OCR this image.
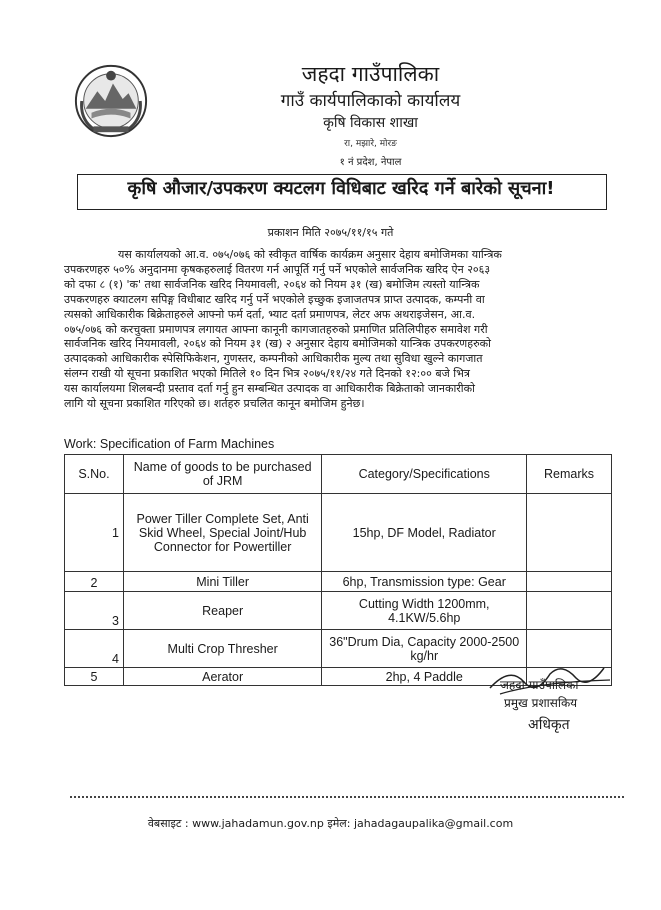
जहदा गाउँपालिका
गाउँ कार्यपालिकाको कार्यालय
कृषि विकास शाखा
रा, मझारे, मोरङ
१ नं प्रदेश, नेपाल
कृषि औजार/उपकरण क्यटलग विधिबाट खरिद गर्ने बारेको सूचना!
प्रकाशन मिति २०७५/११/१५ गते
यस कार्यालयको आ.व. ०७५/०७६ को स्वीकृत वार्षिक कार्यक्रम अनुसार देहाय बमोजिमका यान्त्रिक
उपकरणहरु ५०% अनुदानमा कृषकहरुलाई वितरण गर्न आपूर्ति गर्नु पर्ने भएकोले सार्वजनिक खरिद ऐन २०६३
को दफा ८ (१) 'क' तथा सार्वजनिक खरिद नियमावली, २०६४ को नियम ३१ (ख) बमोजिम त्यस्तो यान्त्रिक
उपकरणहरु क्याटलग सपिङ्ग विधीबाट खरिद गर्नु पर्ने भएकोले इच्छुक इजाजतपत्र प्राप्त उत्पादक, कम्पनी वा
त्यसको आधिकारीक बिक्रेताहरुले आफ्नो फर्म दर्ता, भ्याट दर्ता प्रमाणपत्र, लेटर अफ अथराइजेसन, आ.व.
०७५/०७६ को करचुक्ता प्रमाणपत्र लगायत आफ्ना कानूनी कागजातहरुको प्रमाणित प्रतिलिपीहरु समावेश गरी
सार्वजनिक खरिद नियमावली, २०६४ को नियम ३१ (ख) २ अनुसार देहाय बमोजिमको यान्त्रिक उपकरणहरुको
उत्पादकको आधिकारीक स्पेसिफिकेशन, गुणस्तर, कम्पनीको आधिकारीक मुल्य तथा सुविधा खुल्ने कागजात
संलग्न राखी यो सूचना प्रकाशित भएको मितिले १० दिन भित्र २०७५/११/२४ गते दिनको १२:०० बजे भित्र
यस कार्यालयमा शिलबन्दी प्रस्ताव दर्ता गर्नु हुन सम्बन्धित उत्पादक वा आधिकारीक बिक्रेताको जानकारीको
लागि यो सूचना प्रकाशित गरिएको छ। शर्तहरु प्रचलित कानून बमोजिम हुनेछ।
Work: Specification of Farm Machines
S.No.	Name of goods to be purchased of JRM	Category/Specifications	Remarks
1	Power Tiller Complete Set, Anti Skid Wheel, Special Joint/Hub Connector for Powertiller	15hp, DF Model, Radiator	
2	Mini Tiller	6hp, Transmission type: Gear	
3	Reaper	Cutting Width 1200mm, 4.1KW/5.6hp	
4	Multi Crop Thresher	36"Drum Dia, Capacity 2000-2500 kg/hr	
5	Aerator	2hp, 4 Paddle	
जहदा गाउँपालिका
प्रमुख प्रशासकिय
अधिकृत
वेबसाइट : www.jahadamun.gov.np इमेल: jahadagaupalika@gmail.com
